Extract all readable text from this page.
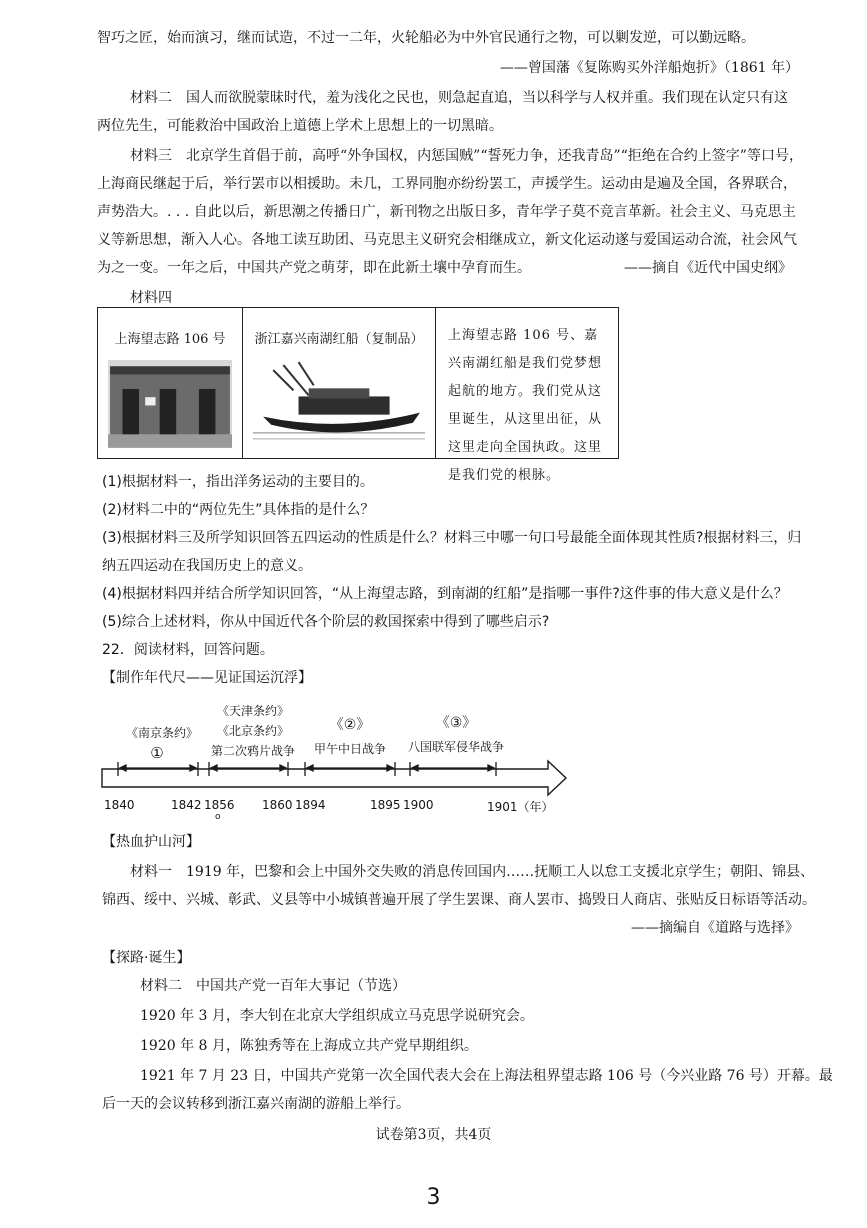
智巧之匠，始而演习，继而试造，不过一二年，火轮船必为中外官民通行之物，可以剿发逆，可以勤远略。
——曾国藩《复陈购买外洋船炮折》（1861 年）
材料二　国人而欲脱蒙昧时代，羞为浅化之民也，则急起直追，当以科学与人权并重。我们现在认定只有这
两位先生，可能救治中国政治上道德上学术上思想上的一切黑暗。
材料三　北京学生首倡于前，高呼“外争国权，内惩国贼”“誓死力争，还我青岛”“拒绝在合约上签字”等口号，
上海商民继起于后，举行罢市以相援助。未几，工界同胞亦纷纷罢工，声援学生。运动由是遍及全国，各界联合，
声势浩大。. . . 自此以后，新思潮之传播日广，新刊物之出版日多，青年学子莫不竞言革新。社会主义、马克思主
义等新思想，渐入人心。各地工读互助团、马克思主义研究会相继成立，新文化运动遂与爱国运动合流，社会风气
为之一变。一年之后，中国共产党之萌芽，即在此新土壤中孕育而生。	——摘自《近代中国史纲》
材料四
上海望志路 106 号	浙江嘉兴南湖红船（复制品）	上海望志路 106 号、嘉兴南湖红船是我们党梦想起航的地方。我们党从这里诞生，从这里出征，从这里走向全国执政。这里是我们党的根脉。
(1)根据材料一，指出洋务运动的主要目的。
(2)材料二中的“两位先生”具体指的是什么？
(3)根据材料三及所学知识回答五四运动的性质是什么？材料三中哪一句口号最能全面体现其性质?根据材料三，归
纳五四运动在我国历史上的意义。
(4)根据材料四并结合所学知识回答，“从上海望志路，到南湖的红船”是指哪一事件?这件事的伟大意义是什么？
(5)综合上述材料，你从中国近代各个阶层的救国探索中得到了哪些启示?
22．阅读材料，回答问题。
【制作年代尺——见证国运沉浮】
《南京条约》
①
《天津条约》
《北京条约》
第二次鸦片战争
《②》
甲午中日战争
《③》
八国联军侵华战争
1840	1842 1856 1860 1894	1895 1900	1901（年）
o
【热血护山河】
材料一　1919 年，巴黎和会上中国外交失败的消息传回国内……抚顺工人以怠工支援北京学生；朝阳、锦县、
锦西、绥中、兴城、彰武、义县等中小城镇普遍开展了学生罢课、商人罢市、捣毁日人商店、张贴反日标语等活动。
——摘编自《道路与选择》
【探路·诞生】
材料二　中国共产党一百年大事记（节选）
1920 年 3 月，李大钊在北京大学组织成立马克思学说研究会。
1920 年 8 月，陈独秀等在上海成立共产党早期组织。
1921 年 7 月 23 日，中国共产党第一次全国代表大会在上海法租界望志路 106 号（今兴业路 76 号）开幕。最
后一天的会议转移到浙江嘉兴南湖的游船上举行。
试卷第3页，共4页
3
